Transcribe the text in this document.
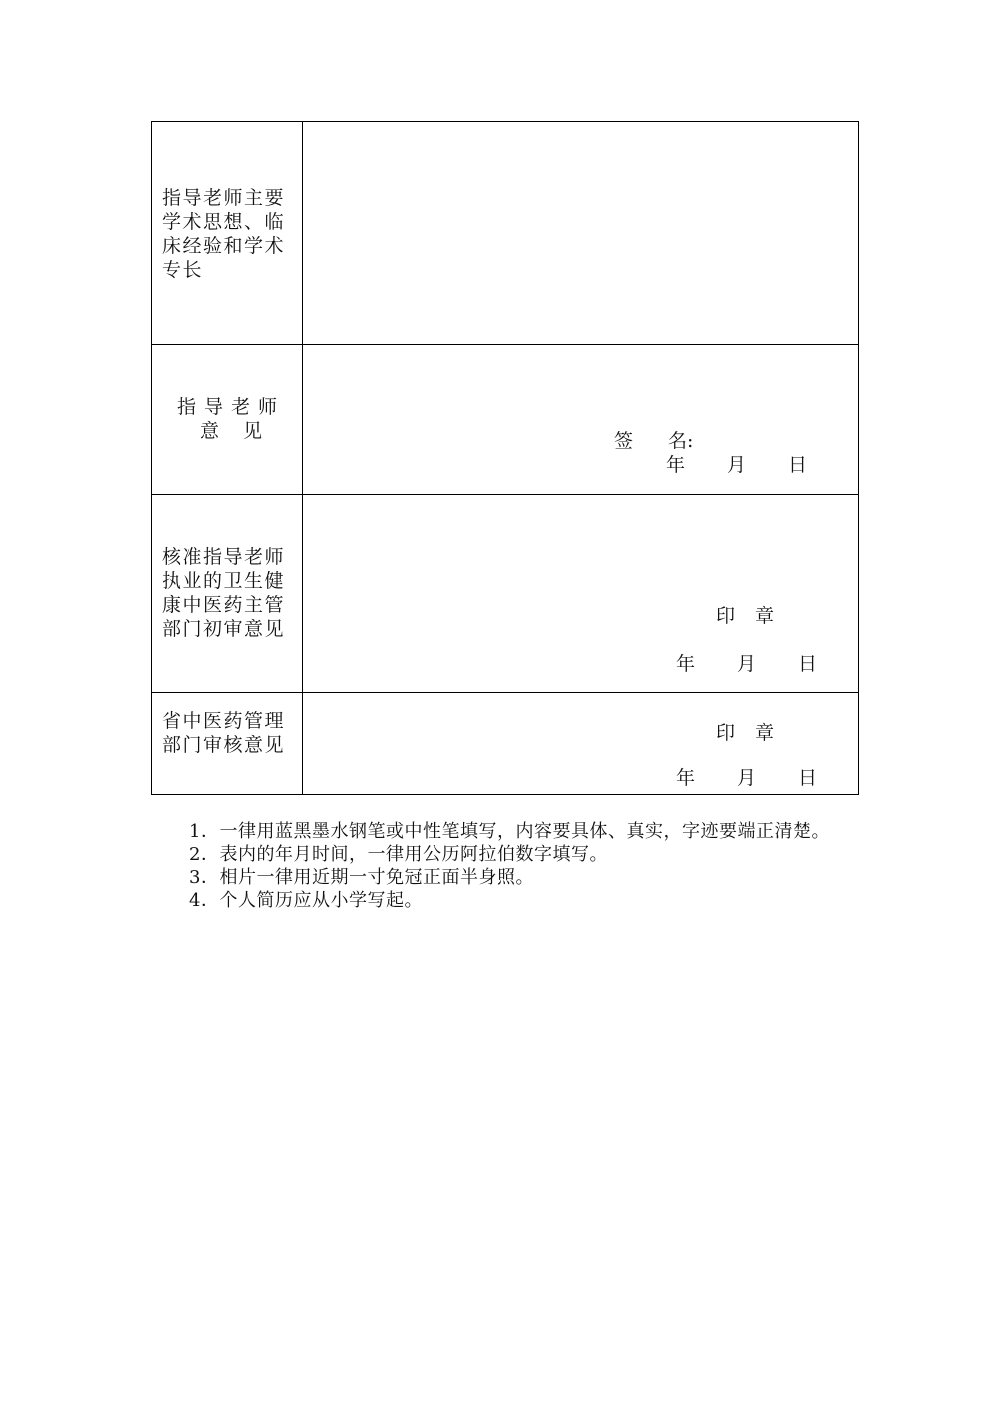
指导老师主要学术思想、临床经验和学术专长
指导老师
意见	签 名:
年 月 日
核准指导老师执业的卫生健康中医药主管部门初审意见
印章
年 月 日
省中医药管理部门审核意见
印章
年 月 日

1．一律用蓝黑墨水钢笔或中性笔填写，内容要具体、真实，字迹要端正清楚。

2．表内的年月时间，一律用公历阿拉伯数字填写。

3．相片一律用近期一寸免冠正面半身照。

4．个人简历应从小学写起。
